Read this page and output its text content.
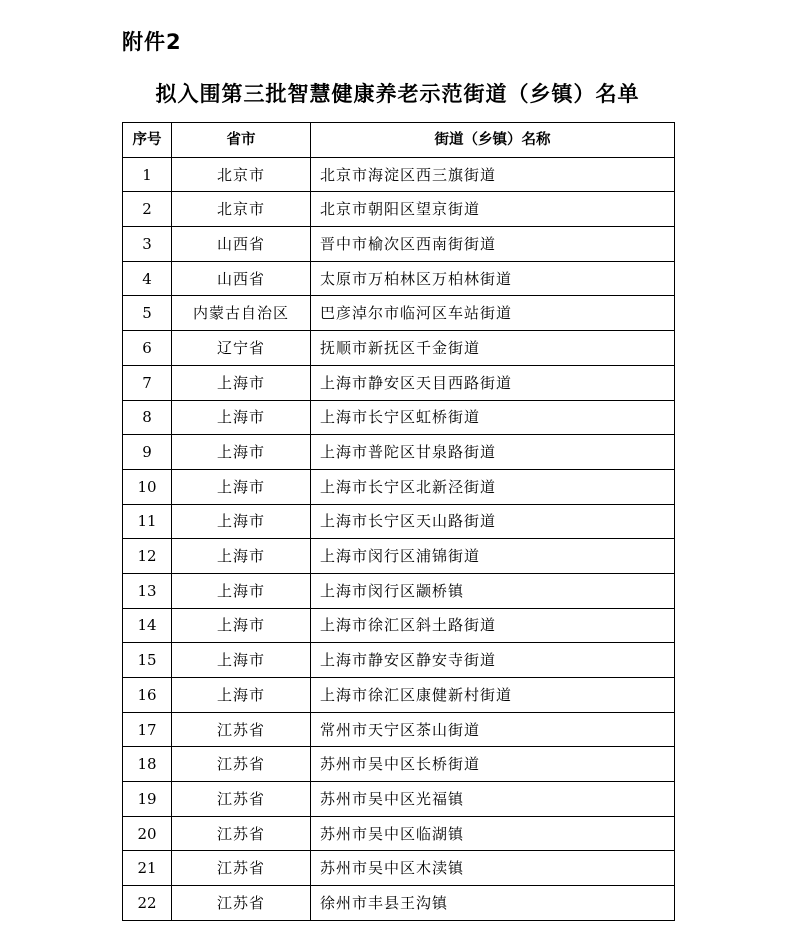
附件2
拟入围第三批智慧健康养老示范街道（乡镇）名单
序号	省市	街道（乡镇）名称
1	北京市	北京市海淀区西三旗街道
2	北京市	北京市朝阳区望京街道
3	山西省	晋中市榆次区西南街街道
4	山西省	太原市万柏林区万柏林街道
5	内蒙古自治区	巴彦淖尔市临河区车站街道
6	辽宁省	抚顺市新抚区千金街道
7	上海市	上海市静安区天目西路街道
8	上海市	上海市长宁区虹桥街道
9	上海市	上海市普陀区甘泉路街道
10	上海市	上海市长宁区北新泾街道
11	上海市	上海市长宁区天山路街道
12	上海市	上海市闵行区浦锦街道
13	上海市	上海市闵行区颛桥镇
14	上海市	上海市徐汇区斜土路街道
15	上海市	上海市静安区静安寺街道
16	上海市	上海市徐汇区康健新村街道
17	江苏省	常州市天宁区茶山街道
18	江苏省	苏州市吴中区长桥街道
19	江苏省	苏州市吴中区光福镇
20	江苏省	苏州市吴中区临湖镇
21	江苏省	苏州市吴中区木渎镇
22	江苏省	徐州市丰县王沟镇
